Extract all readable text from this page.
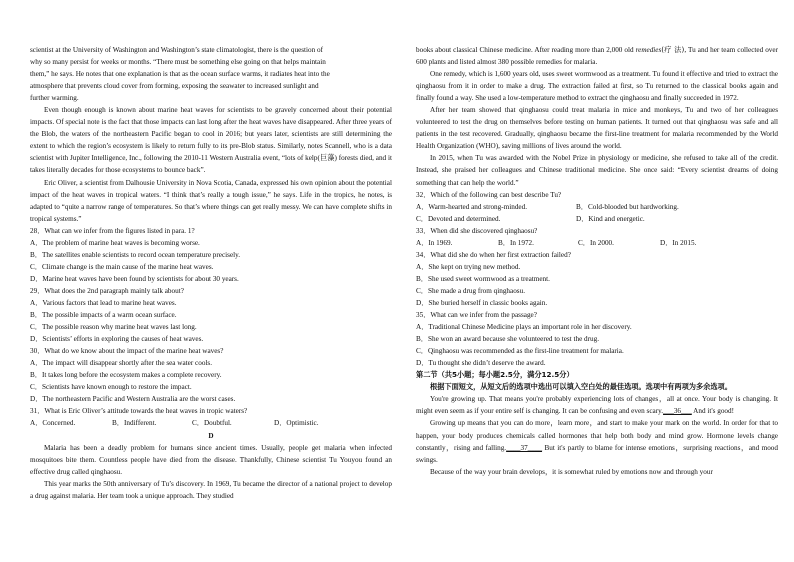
scientist at the University of Washington and Washington’s state climatologist, there is the question of

why so many persist for weeks or months. “There must be something else going on that helps maintain

them,” he says. He notes that one explanation is that as the ocean surface warms, it radiates heat into the

atmosphere that prevents cloud cover from forming, exposing the seawater to increased sunlight and

further warming.

Even though enough is known about marine heat waves for scientists to be gravely concerned about their potential impacts. Of special note is the fact that those impacts can last long after the heat waves have disappeared. After three years of the Blob, the waters of the northeastern Pacific began to cool in 2016; but years later, scientists are still determining the extent to which the region’s ecosystem is likely to return fully to its pre-Blob status. Similarly, notes Scannell, who is a data scientist with Jupiter Intelligence, Inc., following the 2010-11 Western Australia event, “lots of kelp(巨藻) forests died, and it takes literally decades for those ecosystems to bounce back”.

Eric Oliver, a scientist from Dalhousie University in Nova Scotia, Canada, expressed his own opinion about the potential impact of the heat waves in tropical waters. “I think that’s really a tough issue,” he says. Life in the tropics, he notes, is adapted to “quite a narrow range of temperatures. So that’s where things can get really messy. We can have complete shifts in tropical systems.”

28．What can we infer from the figures listed in para. 1?

A．The problem of marine heat waves is becoming worse.

B．The satellites enable scientists to record ocean temperature precisely.

C．Climate change is the main cause of the marine heat waves.

D．Marine heat waves have been found by scientists for about 30 years.

29．What does the 2nd paragraph mainly talk about?

A．Various factors that lead to marine heat waves.

B．The possible impacts of a warm ocean surface.

C．The possible reason why marine heat waves last long.

D．Scientists’ efforts in exploring the causes of heat waves.

30．What do we know about the impact of the marine heat waves?

A．The impact will disappear shortly after the sea water cools.

B．It takes long before the ecosystem makes a complete recovery.

C．Scientists have known enough to restore the impact.

D．The northeastern Pacific and Western Australia are the worst cases.

31．What is Eric Oliver’s attitude towards the heat waves in tropic waters?

A．Concerned.	B．Indifferent.	C．Doubtful.	D．Optimistic.

D

Malaria has been a deadly problem for humans since ancient times. Usually, people get malaria when infected mosquitoes bite them. Countless people have died from the disease. Thankfully, Chinese scientist Tu Youyou found an effective drug called qinghaosu.

This year marks the 50th anniversary of Tu’s discovery. In 1969, Tu became the director of a national project to develop a drug against malaria. Her team took a unique approach. They studied

books about classical Chinese medicine. After reading more than 2,000 old remedies(疗 法), Tu and her team collected over 600 plants and listed almost 380 possible remedies for malaria.

One remedy, which is 1,600 years old, uses sweet wormwood as a treatment. Tu found it effective and tried to extract the qinghaosu from it in order to make a drug. The extraction failed at first, so Tu returned to the classical books again and finally found a way. She used a low-temperature method to extract the qinghaosu and finally succeeded in 1972.

After her team showed that qinghaosu could treat malaria in mice and monkeys, Tu and two of her colleagues volunteered to test the drug on themselves before testing on human patients. It turned out that qinghaosu was safe and all patients in the test recovered. Gradually, qinghaosu became the first-line treatment for malaria recommended by the World Health Organization (WHO), saving millions of lives around the world.

In 2015, when Tu was awarded with the Nobel Prize in physiology or medicine, she refused to take all of the credit. Instead, she praised her colleagues and Chinese traditional medicine. She once said: “Every scientist dreams of doing something that can help the world.”

32．Which of the following can best describe Tu?

A．Warm-hearted and strong-minded.	B．Cold-blooded but hardworking.
C．Devoted and determined.	D．Kind and energetic.

33．When did she discovered qinghaosu?

A．In 1969.	B．In 1972.	C．In 2000.	D．In 2015.

34．What did she do when her first extraction failed?

A．She kept on trying new method.

B．She used sweet wormwood as a treatment.

C．She made a drug from qinghaosu.

D．She buried herself in classic books again.

35．What can we infer from the passage?

A．Traditional Chinese Medicine plays an important role in her discovery.

B．She won an award because she volunteered to test the drug.

C．Qinghaosu was recommended as the first-line treatment for malaria.

D．Tu thought she didn’t deserve the award.

第二节（共5小题；每小题2.5分，满分12.5分）

根据下面短文，从短文后的选项中选出可以填入空白处的最佳选项。选项中有两项为多余选项。

You're growing up. That means you're probably experiencing lots of changes，all at once. Your body is changing. It might even seem as if your entire self is changing. It can be confusing and even scary.___36___ And it's good!

Growing up means that you can do more，learn more，and start to make your mark on the world. In order for that to happen, your body produces chemicals called hormones that help both body and mind grow. Hormone levels change constantly，rising and falling.____37____ But it's partly to blame for intense emotions，surprising reactions，and mood swings.

Because of the way your brain develops，it is somewhat ruled by emotions now and through your
